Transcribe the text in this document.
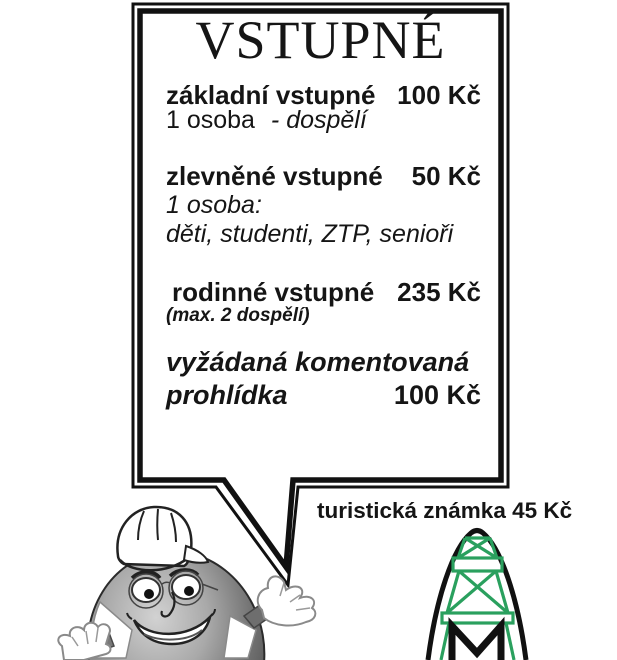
VSTUPNÉ
základní vstupné 100 Kč
1 osoba - dospělí
zlevněné vstupné 50 Kč
1 osoba:
děti, studenti, ZTP, senioři
rodinné vstupné 235 Kč
(max. 2 dospělí)
vyžádaná komentovaná
prohlídka	100 Kč
turistická známka 45 Kč
